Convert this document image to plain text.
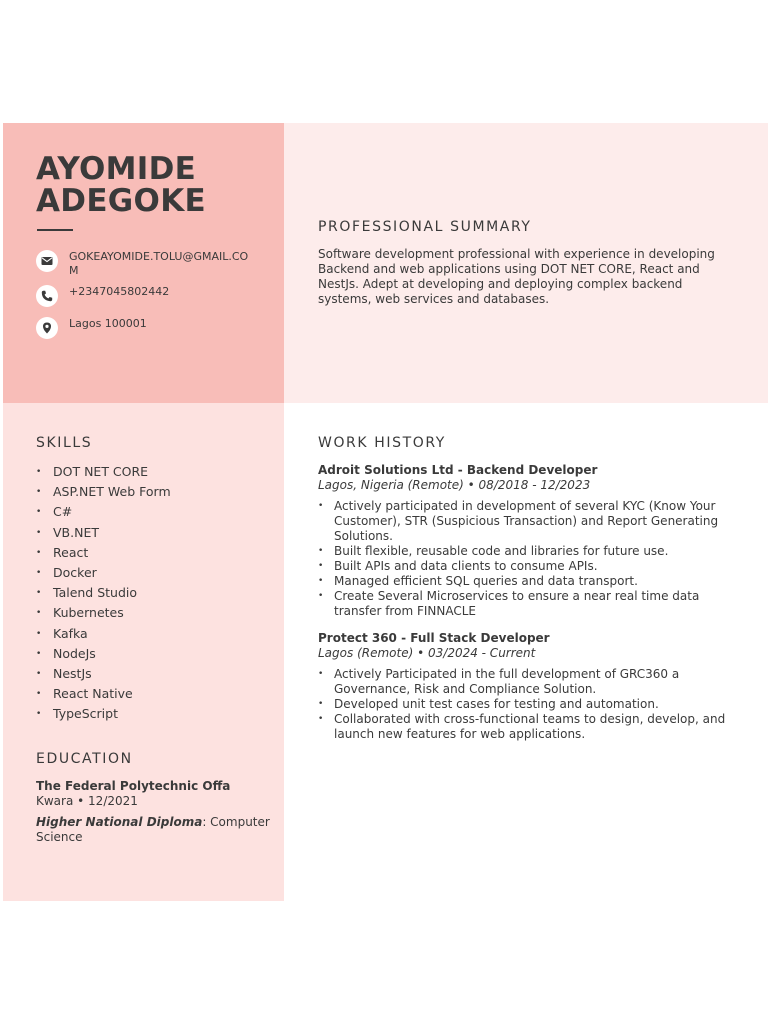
AYOMIDE
ADEGOKE
GOKEAYOMIDE.TOLU@GMAIL.COM
+2347045802442
Lagos 100001
PROFESSIONAL SUMMARY
Software development professional with experience in developing Backend and web applications using DOT NET CORE, React and NestJs. Adept at developing and deploying complex backend systems, web services and databases.
SKILLS
• DOT NET CORE
• ASP.NET Web Form
• C#
• VB.NET
• React
• Docker
• Talend Studio
• Kubernetes
• Kafka
• NodeJs
• NestJs
• React Native
• TypeScript
EDUCATION
The Federal Polytechnic Offa
Kwara • 12/2021
Higher National Diploma: Computer Science
WORK HISTORY
Adroit Solutions Ltd - Backend Developer
Lagos, Nigeria (Remote) • 08/2018 - 12/2023
• Actively participated in development of several KYC (Know Your Customer), STR (Suspicious Transaction) and Report Generating Solutions.
• Built flexible, reusable code and libraries for future use.
• Built APIs and data clients to consume APIs.
• Managed efficient SQL queries and data transport.
• Create Several Microservices to ensure a near real time data transfer from FINNACLE
Protect 360 - Full Stack Developer
Lagos (Remote) • 03/2024 - Current
• Actively Participated in the full development of GRC360 a Governance, Risk and Compliance Solution.
• Developed unit test cases for testing and automation.
• Collaborated with cross-functional teams to design, develop, and launch new features for web applications.
